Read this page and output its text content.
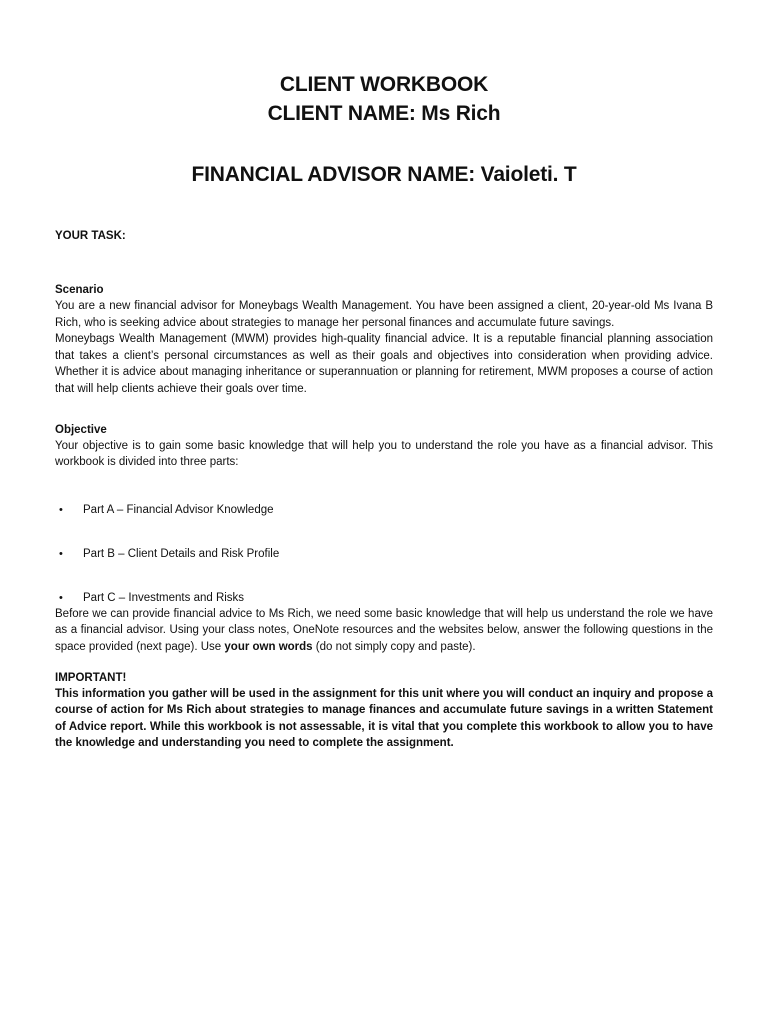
CLIENT WORKBOOK
CLIENT NAME: Ms Rich
FINANCIAL ADVISOR NAME: Vaioleti. T
YOUR TASK:
Scenario

You are a new financial advisor for Moneybags Wealth Management. You have been assigned a client, 20-year-old Ms Ivana B Rich, who is seeking advice about strategies to manage her personal finances and accumulate future savings.

Moneybags Wealth Management (MWM) provides high-quality financial advice. It is a reputable financial planning association that takes a client’s personal circumstances as well as their goals and objectives into consideration when providing advice. Whether it is advice about managing inheritance or superannuation or planning for retirement, MWM proposes a course of action that will help clients achieve their goals over time.

Objective

Your objective is to gain some basic knowledge that will help you to understand the role you have as a financial advisor. This workbook is divided into three parts:

• Part A – Financial Advisor Knowledge
• Part B – Client Details and Risk Profile
• Part C – Investments and Risks

Before we can provide financial advice to Ms Rich, we need some basic knowledge that will help us understand the role we have as a financial advisor. Using your class notes, OneNote resources and the websites below, answer the following questions in the space provided (next page). Use your own words (do not simply copy and paste).

IMPORTANT!

This information you gather will be used in the assignment for this unit where you will conduct an inquiry and propose a course of action for Ms Rich about strategies to manage finances and accumulate future savings in a written Statement of Advice report. While this workbook is not assessable, it is vital that you complete this workbook to allow you to have the knowledge and understanding you need to complete the assignment.
